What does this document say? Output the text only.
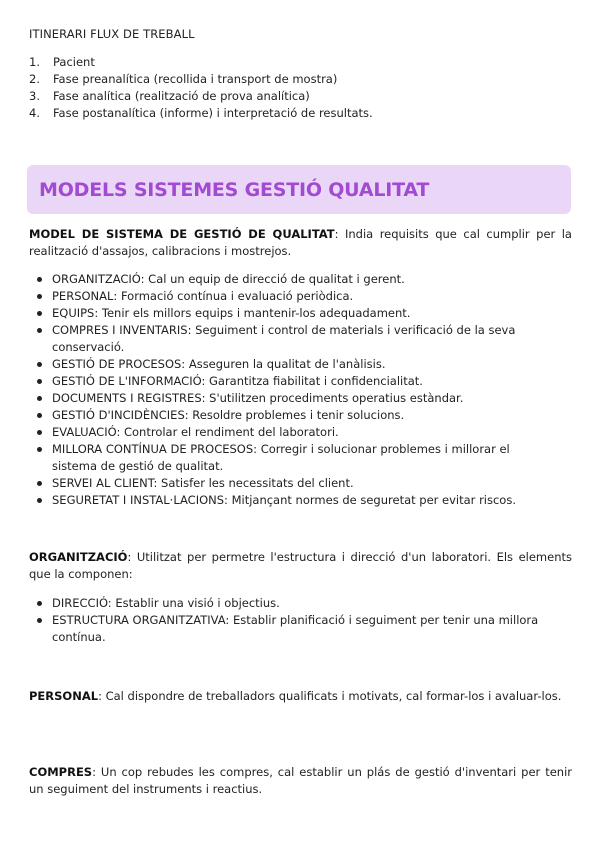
ITINERARI FLUX DE TREBALL
1.	Pacient
2.	Fase preanalítica (recollida i transport de mostra)
3.	Fase analítica (realització de prova analítica)
4.	Fase postanalítica (informe) i interpretació de resultats.
MODELS SISTEMES GESTIÓ QUALITAT

MODEL DE SISTEMA DE GESTIÓ DE QUALITAT: India requisits que cal cumplir per la realització d'assajos, calibracions i mostrejos.

ORGANITZACIÓ: Cal un equip de direcció de qualitat i gerent.
PERSONAL: Formació contínua i evaluació periòdica.
EQUIPS: Tenir els millors equips i mantenir-los adequadament.
COMPRES I INVENTARIS: Seguiment i control de materials i verificació de la seva conservació.
GESTIÓ DE PROCESOS: Asseguren la qualitat de l'anàlisis.
GESTIÓ DE L'INFORMACIÓ: Garantitza fiabilitat i confidencialitat.
DOCUMENTS I REGISTRES: S'utilitzen procediments operatius estàndar.
GESTIÓ D'INCIDÈNCIES: Resoldre problemes i tenir solucions.
EVALUACIÓ: Controlar el rendiment del laboratori.
MILLORA CONTÍNUA DE PROCESOS: Corregir i solucionar problemes i millorar el sistema de gestió de qualitat.
SERVEI AL CLIENT: Satisfer les necessitats del client.
SEGURETAT I INSTAL·LACIONS: Mitjançant normes de seguretat per evitar riscos.

ORGANITZACIÓ: Utilitzat per permetre l'estructura i direcció d'un laboratori. Els elements que la componen:

DIRECCIÓ: Establir una visió i objectius.
ESTRUCTURA ORGANITZATIVA: Establir planificació i seguiment per tenir una millora contínua.

PERSONAL: Cal dispondre de treballadors qualificats i motivats, cal formar-los i avaluar-los.

COMPRES: Un cop rebudes les compres, cal establir un plás de gestió d'inventari per tenir un seguiment del instruments i reactius.
